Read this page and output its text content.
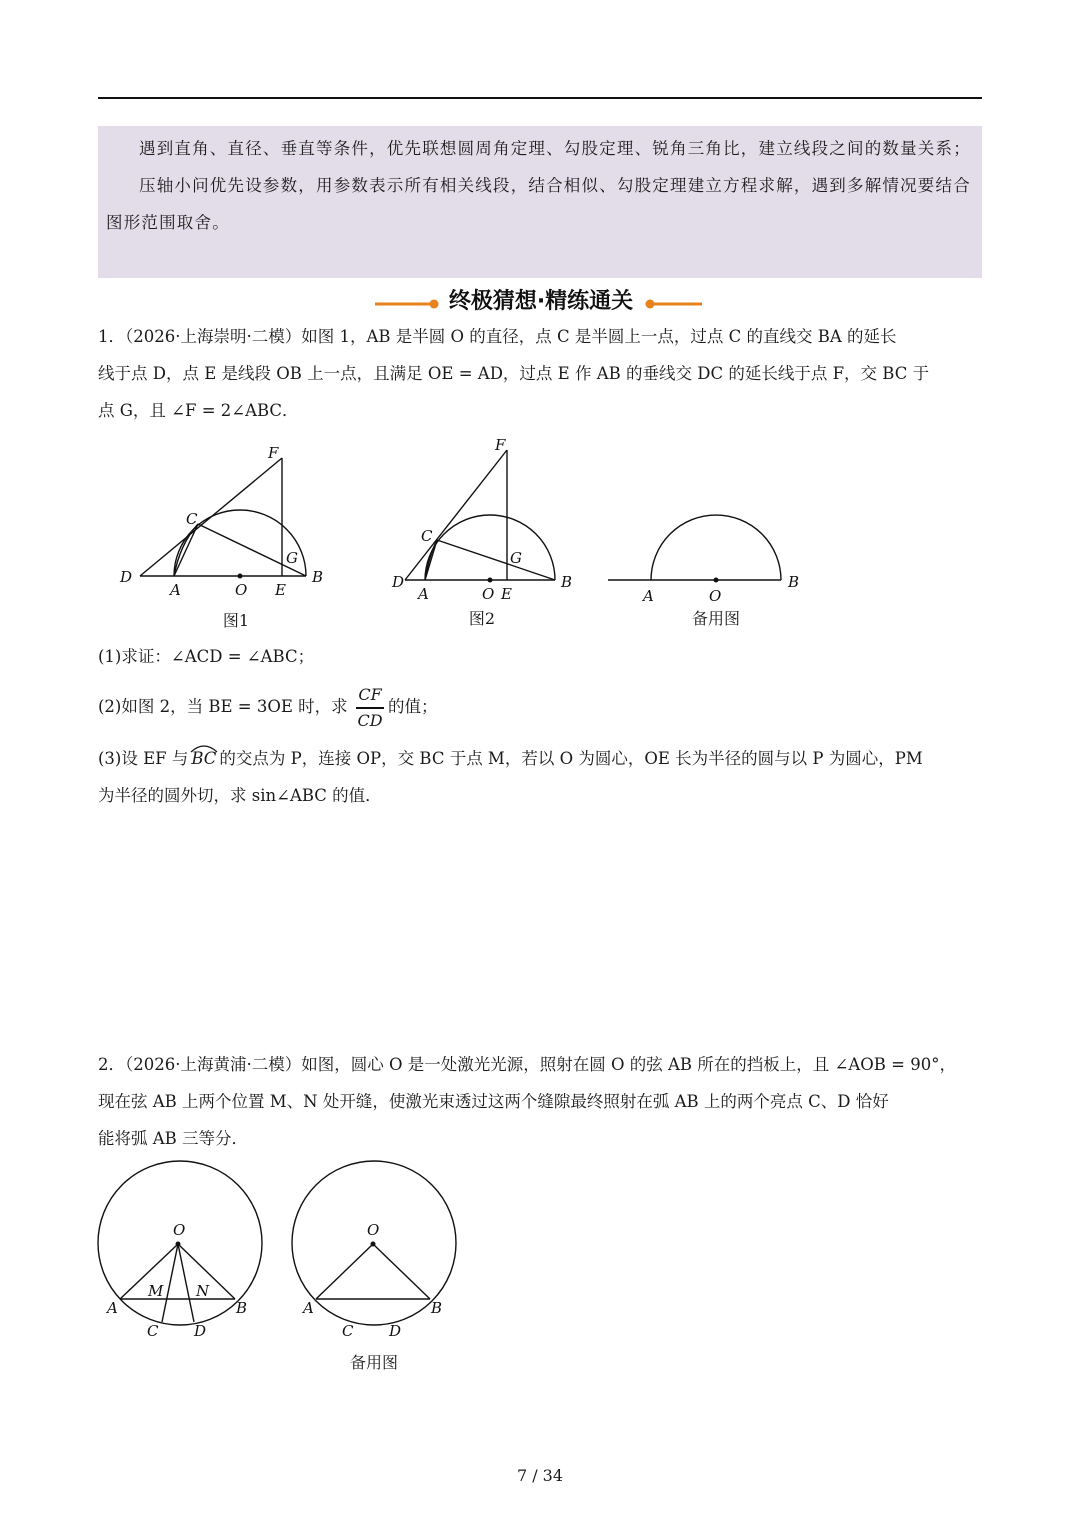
遇到直角、直径、垂直等条件，优先联想圆周角定理、勾股定理、锐角三角比，建立线段之间的数量关系；

压轴小问优先设参数，用参数表示所有相关线段，结合相似、勾股定理建立方程求解，遇到多解情况要结合图形范围取舍。

终极猜想·精练通关

1．（2026·上海崇明·二模）如图 1，AB 是半圆 O 的直径，点 C 是半圆上一点，过点 C 的直线交 BA 的延长

线于点 D，点 E 是线段 OB 上一点，且满足 OE = AD，过点 E 作 AB 的垂线交 DC 的延长线于点 F，交 BC 于

点 G，且 ∠F = 2∠ABC．

F
C
G
D
A	O E
B
图1
F
C
G
D
A	O E
B
图2
A	O
B
备用图

(1)求证：∠ACD = ∠ABC；

(2)如图 2，当 BE = 3OE 时，求
CF
CD
的值；

(3)设 EF 与 BC 的交点为 P，连接 OP，交 BC 于点 M，若以 O 为圆心，OE 长为半径的圆与以 P 为圆心，PM

为半径的圆外切，求 sin∠ABC 的值．

2．（2026·上海黄浦·二模）如图，圆心 O 是一处激光光源，照射在圆 O 的弦 AB 所在的挡板上，且 ∠AOB = 90°，

现在弦 AB 上两个位置 M、N 处开缝，使激光束透过这两个缝隙最终照射在弧 AB 上的两个亮点 C、D 恰好

能将弧 AB 三等分．

O
M N
A	B
C D
O
A	B
C D
备用图
7 / 34
